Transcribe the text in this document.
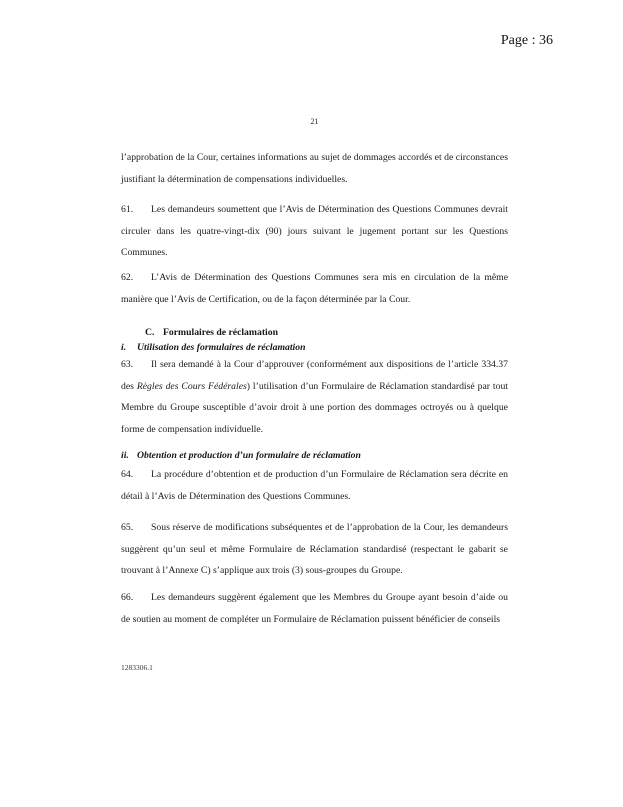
Page : 36
21

l’approbation de la Cour, certaines informations au sujet de dommages accordés et de circonstances justifiant la détermination de compensations individuelles.

61. Les demandeurs soumettent que l’Avis de Détermination des Questions Communes devrait circuler dans les quatre-vingt-dix (90) jours suivant le jugement portant sur les Questions Communes.

62. L’Avis de Détermination des Questions Communes sera mis en circulation de la même manière que l’Avis de Certification, ou de la façon déterminée par la Cour.

C. Formulaires de réclamation

i. Utilisation des formulaires de réclamation

63. Il sera demandé à la Cour d’approuver (conformément aux dispositions de l’article 334.37 des Règles des Cours Fédérales) l’utilisation d’un Formulaire de Réclamation standardisé par tout Membre du Groupe susceptible d’avoir droit à une portion des dommages octroyés ou à quelque forme de compensation individuelle.

ii. Obtention et production d’un formulaire de réclamation

64. La procédure d’obtention et de production d’un Formulaire de Réclamation sera décrite en détail à l’Avis de Détermination des Questions Communes.

65. Sous réserve de modifications subséquentes et de l’approbation de la Cour, les demandeurs suggèrent qu’un seul et même Formulaire de Réclamation standardisé (respectant le gabarit se trouvant à l’Annexe C) s’applique aux trois (3) sous-groupes du Groupe.

66. Les demandeurs suggèrent également que les Membres du Groupe ayant besoin d’aide ou de soutien au moment de compléter un Formulaire de Réclamation puissent bénéficier de conseils

1283306.1
